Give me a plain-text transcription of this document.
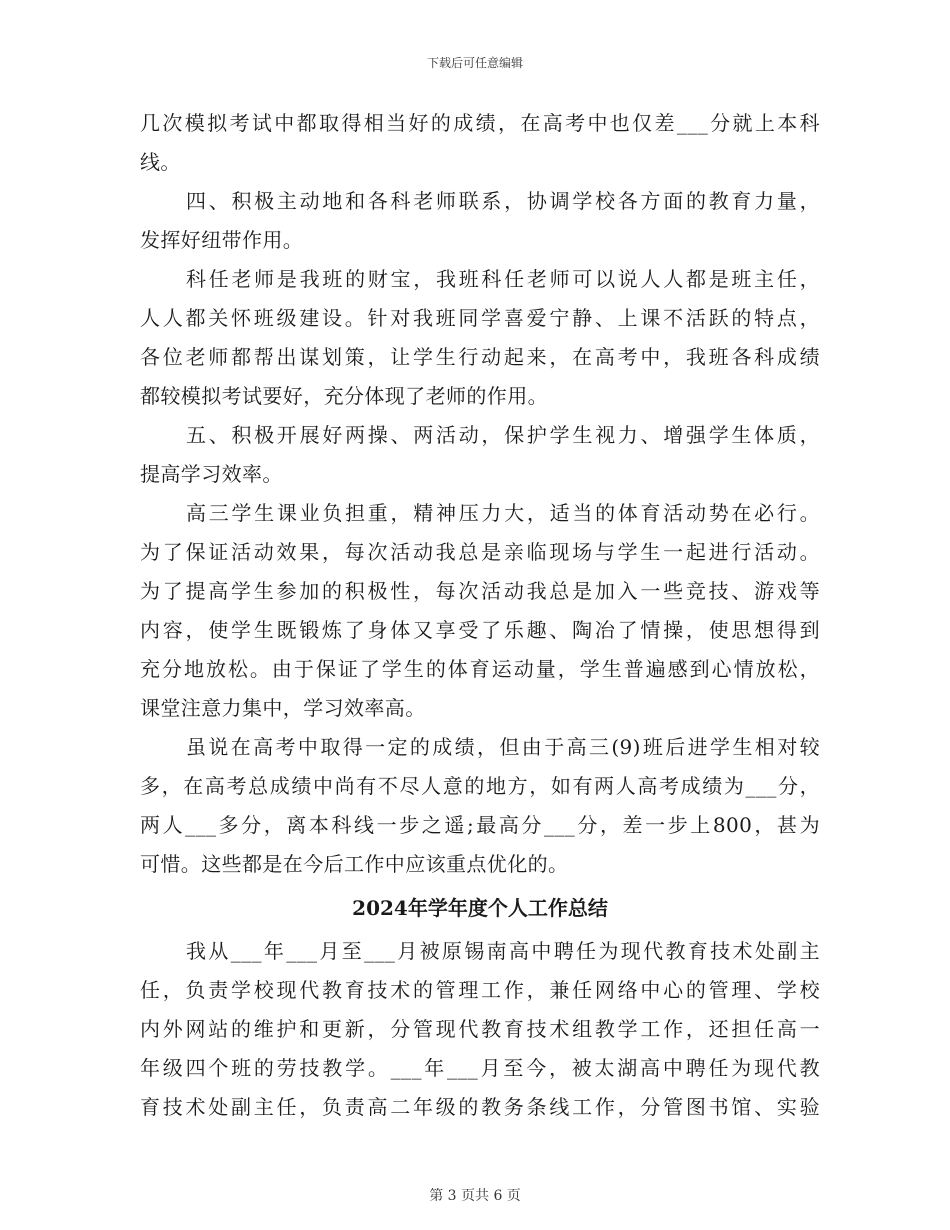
下载后可任意编辑
几次模拟考试中都取得相当好的成绩，在高考中也仅差___分就上本科
线。
四、积极主动地和各科老师联系，协调学校各方面的教育力量，
发挥好纽带作用。
科任老师是我班的财宝，我班科任老师可以说人人都是班主任，
人人都关怀班级建设。针对我班同学喜爱宁静、上课不活跃的特点，
各位老师都帮出谋划策，让学生行动起来，在高考中，我班各科成绩
都较模拟考试要好，充分体现了老师的作用。
五、积极开展好两操、两活动，保护学生视力、增强学生体质，
提高学习效率。
高三学生课业负担重，精神压力大，适当的体育活动势在必行。
为了保证活动效果，每次活动我总是亲临现场与学生一起进行活动。
为了提高学生参加的积极性，每次活动我总是加入一些竞技、游戏等
内容，使学生既锻炼了身体又享受了乐趣、陶冶了情操，使思想得到
充分地放松。由于保证了学生的体育运动量，学生普遍感到心情放松，
课堂注意力集中，学习效率高。
虽说在高考中取得一定的成绩，但由于高三(9)班后进学生相对较
多，在高考总成绩中尚有不尽人意的地方，如有两人高考成绩为___分，
两人___多分，离本科线一步之遥;最高分___分，差一步上800，甚为
可惜。这些都是在今后工作中应该重点优化的。
2024年学年度个人工作总结
我从___年___月至___月被原锡南高中聘任为现代教育技术处副主
任，负责学校现代教育技术的管理工作，兼任网络中心的管理、学校
内外网站的维护和更新，分管现代教育技术组教学工作，还担任高一
年级四个班的劳技教学。___年___月至今，被太湖高中聘任为现代教
育技术处副主任，负责高二年级的教务条线工作，分管图书馆、实验
第 3 页共 6 页
